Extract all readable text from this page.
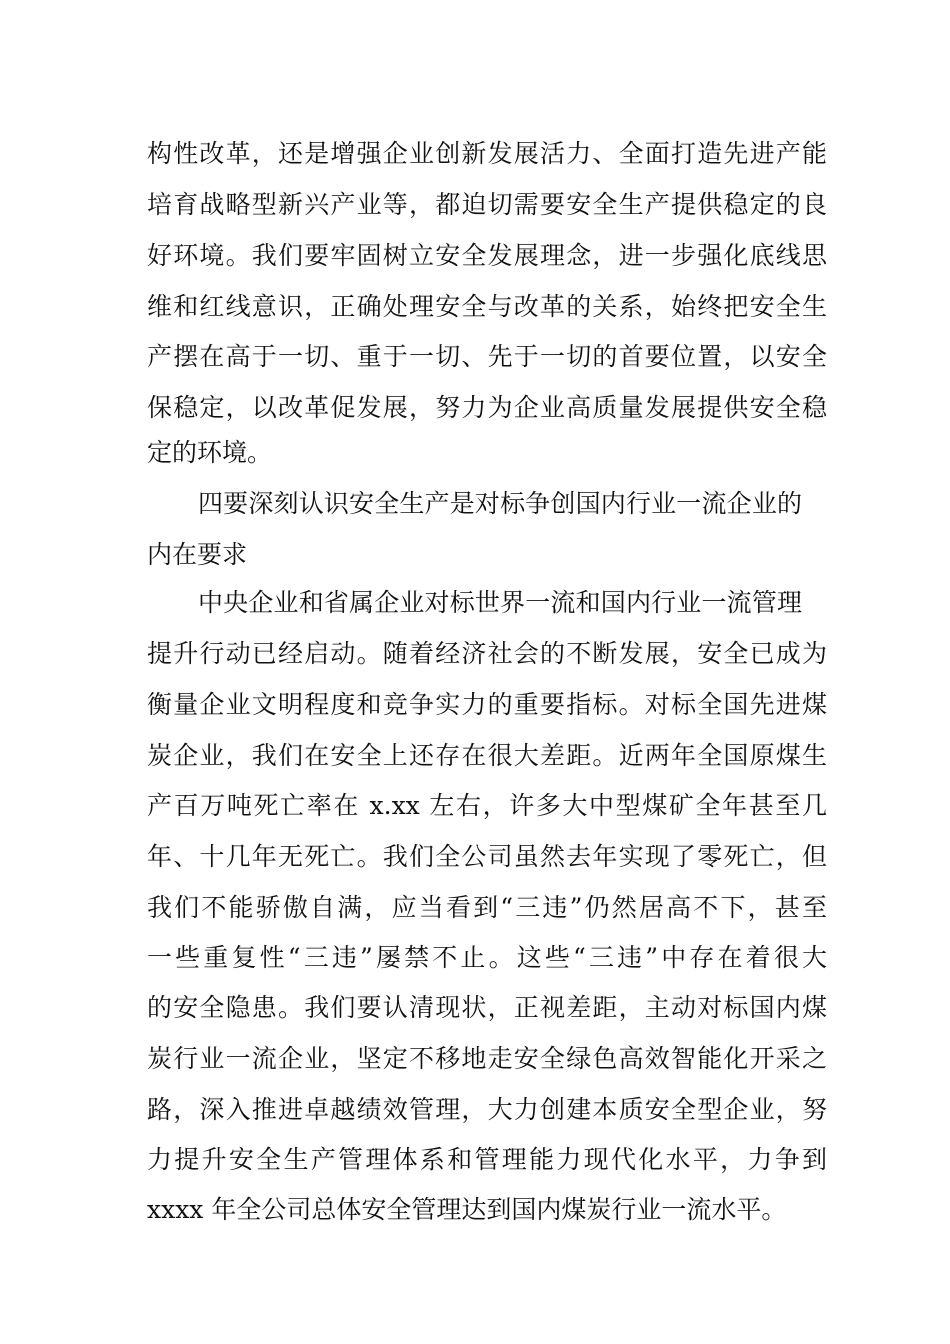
构性改革，还是增强企业创新发展活力、全面打造先进产能
培育战略型新兴产业等，都迫切需要安全生产提供稳定的良
好环境。我们要牢固树立安全发展理念，进一步强化底线思
维和红线意识，正确处理安全与改革的关系，始终把安全生
产摆在高于一切、重于一切、先于一切的首要位置，以安全
保稳定，以改革促发展，努力为企业高质量发展提供安全稳
定的环境。
四要深刻认识安全生产是对标争创国内行业一流企业的
内在要求
中央企业和省属企业对标世界一流和国内行业一流管理
提升行动已经启动。随着经济社会的不断发展，安全已成为
衡量企业文明程度和竞争实力的重要指标。对标全国先进煤
炭企业，我们在安全上还存在很大差距。近两年全国原煤生
产百万吨死亡率在 x.xx 左右，许多大中型煤矿全年甚至几
年、十几年无死亡。我们全公司虽然去年实现了零死亡，但
我们不能骄傲自满，应当看到“三违”仍然居高不下，甚至
一些重复性“三违”屡禁不止。这些“三违”中存在着很大
的安全隐患。我们要认清现状，正视差距，主动对标国内煤
炭行业一流企业，坚定不移地走安全绿色高效智能化开采之
路，深入推进卓越绩效管理，大力创建本质安全型企业，努
力提升安全生产管理体系和管理能力现代化水平，力争到
xxxx 年全公司总体安全管理达到国内煤炭行业一流水平。
